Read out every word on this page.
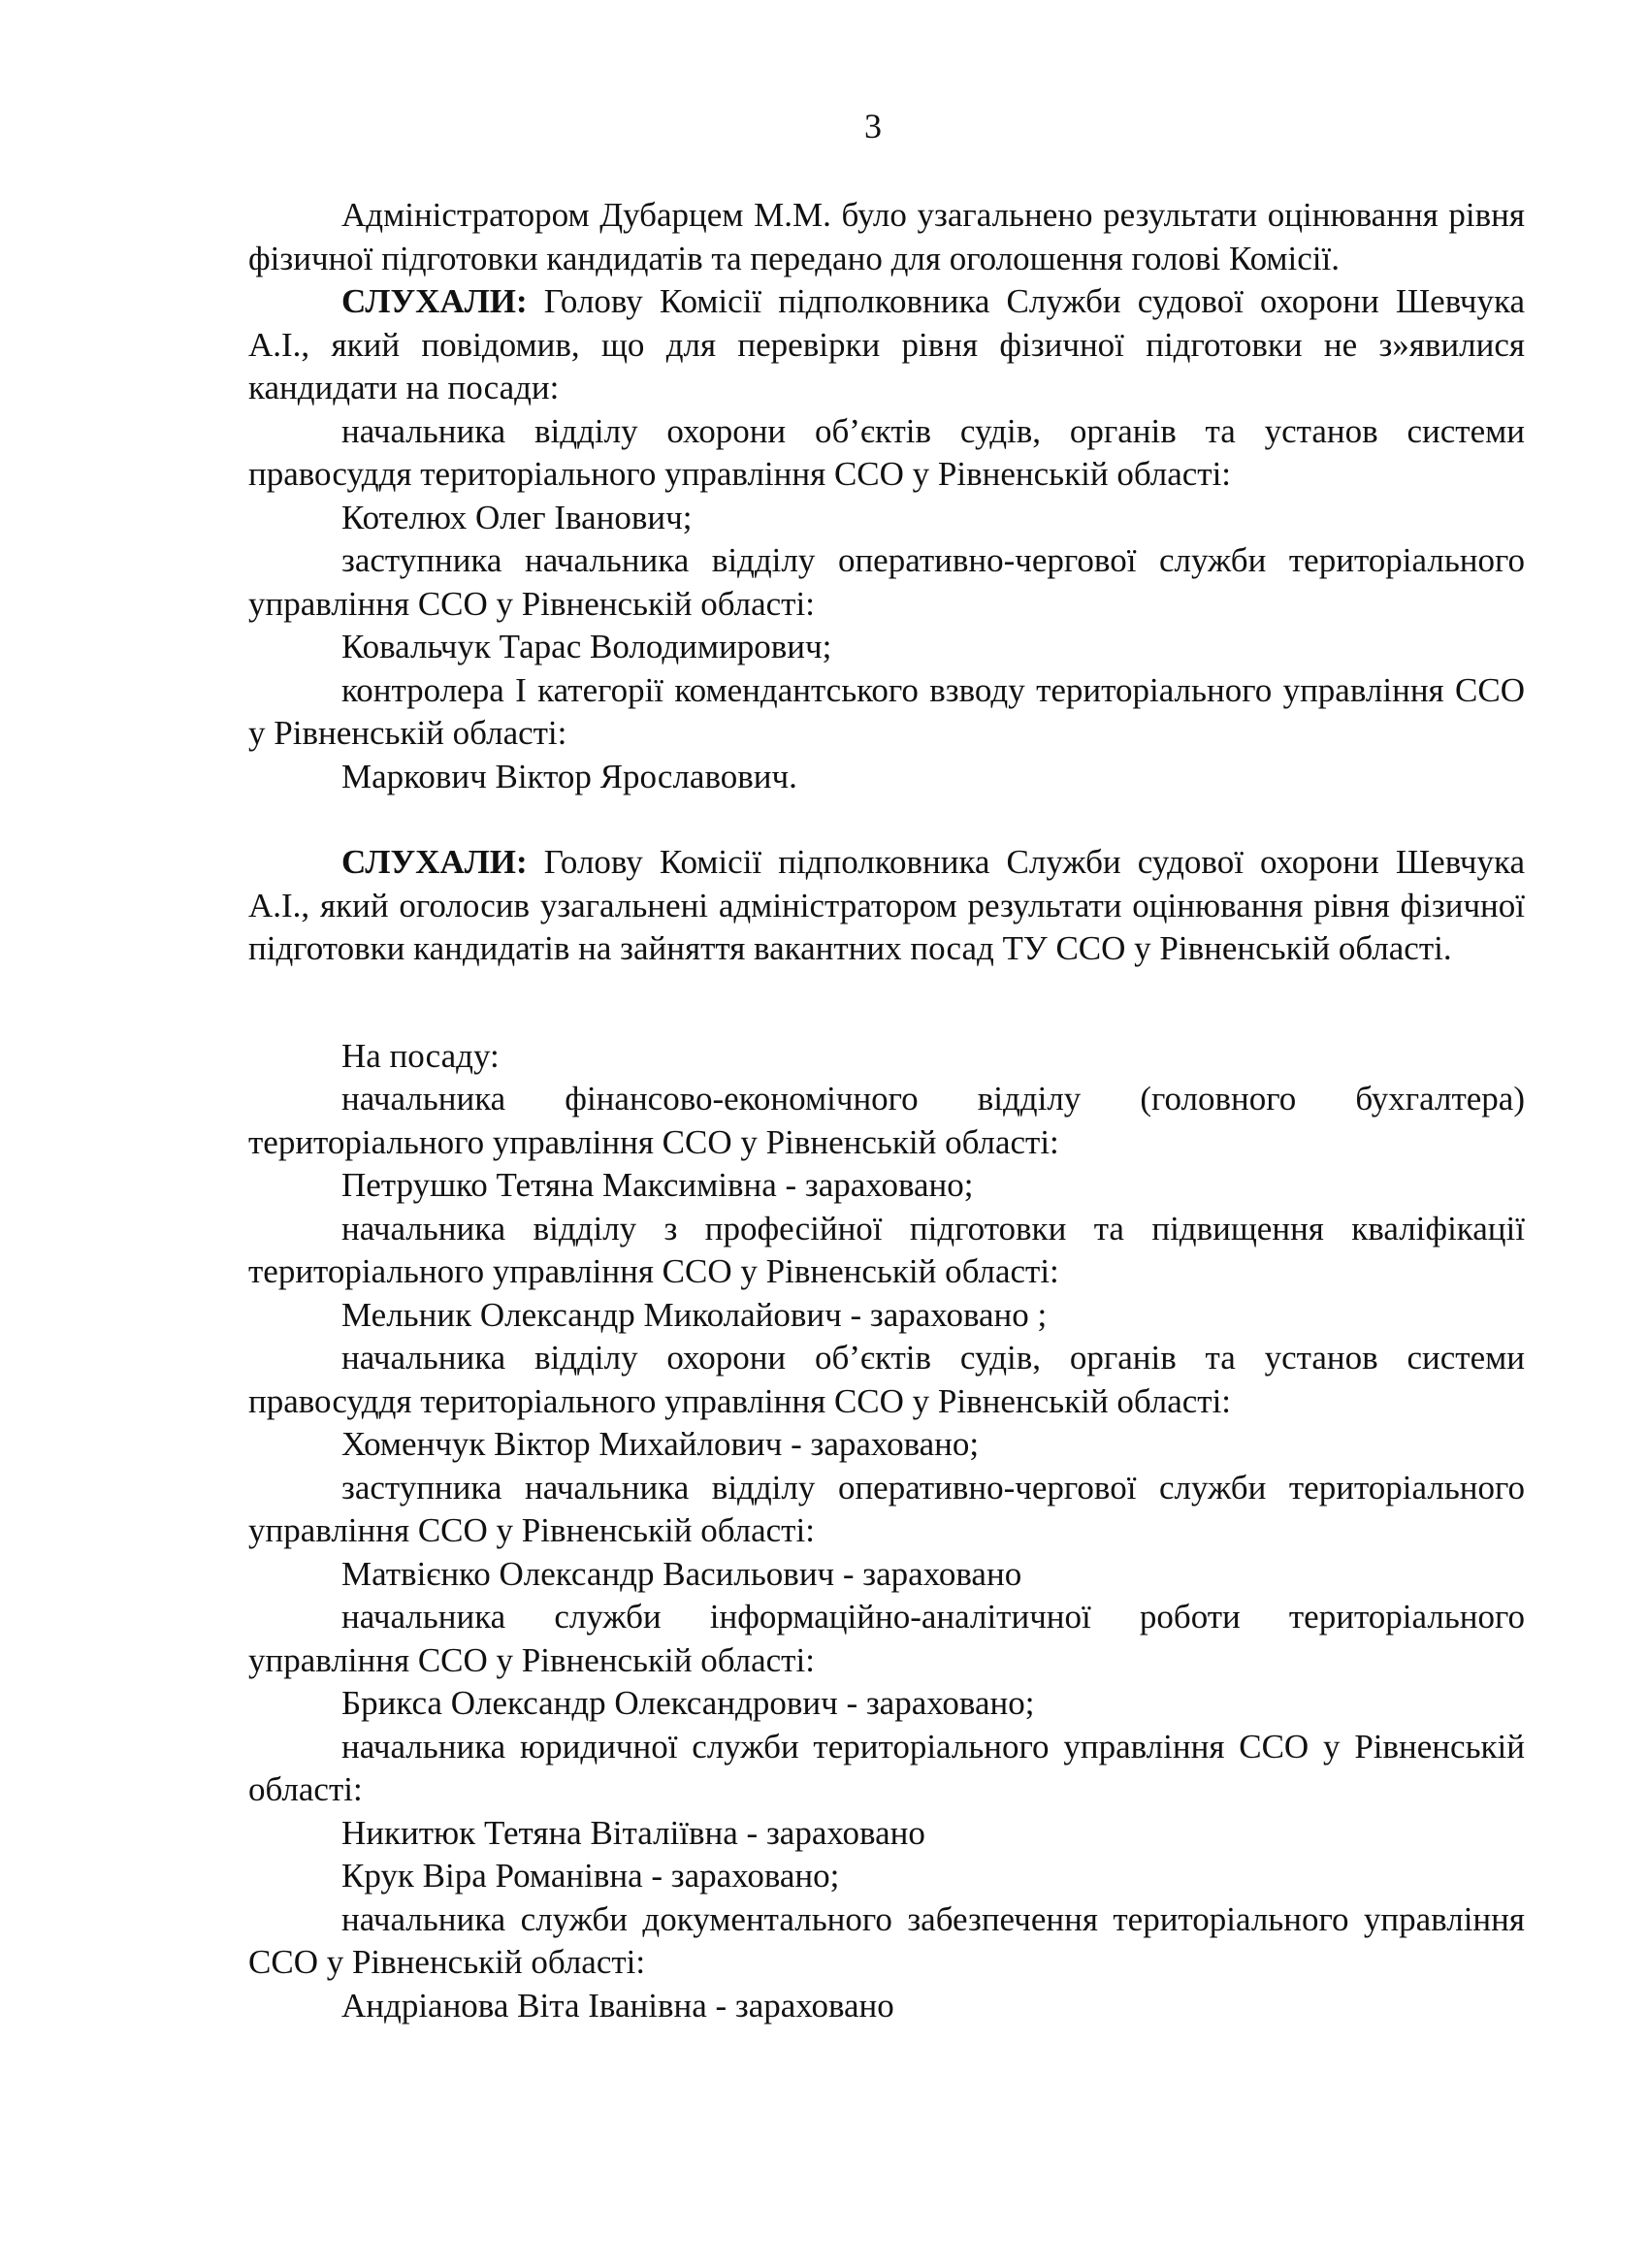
3
Адміністратором Дубарцем М.М. було узагальнено результати оцінювання рівня фізичної підготовки кандидатів та передано для оголошення голові Комісії.
СЛУХАЛИ: Голову Комісії підполковника Служби судової охорони Шевчука А.І., який повідомив, що для перевірки рівня фізичної підготовки не з»явилися кандидати на посади:
начальника відділу охорони об’єктів судів, органів та установ системи правосуддя територіального управління ССО у Рівненській області:
Котелюх Олег Іванович;
заступника начальника відділу оперативно-чергової служби територіального управління ССО у Рівненській області:
Ковальчук Тарас Володимирович;
контролера І категорії комендантського взводу територіального управління ССО у Рівненській області:
Маркович Віктор Ярославович.
СЛУХАЛИ: Голову Комісії підполковника Служби судової охорони Шевчука А.І., який оголосив узагальнені адміністратором результати оцінювання рівня фізичної підготовки кандидатів на зайняття вакантних посад ТУ ССО у Рівненській області.
На посаду:
начальника фінансово-економічного відділу (головного бухгалтера) територіального управління ССО у Рівненській області:
Петрушко Тетяна Максимівна - зараховано;
начальника відділу з професійної підготовки та підвищення кваліфікації територіального управління ССО у Рівненській області:
Мельник Олександр Миколайович - зараховано ;
начальника відділу охорони об’єктів судів, органів та установ системи правосуддя територіального управління ССО у Рівненській області:
Хоменчук Віктор Михайлович - зараховано;
заступника начальника відділу оперативно-чергової служби територіального управління ССО у Рівненській області:
Матвієнко Олександр Васильович - зараховано
начальника служби інформаційно-аналітичної роботи територіального управління ССО у Рівненській області:
Брикса Олександр Олександрович - зараховано;
начальника юридичної служби територіального управління ССО у Рівненській області:
Никитюк Тетяна Віталіївна - зараховано
Крук Віра Романівна - зараховано;
начальника служби документального забезпечення територіального управління ССО у Рівненській області:
Андріанова Віта Іванівна - зараховано
